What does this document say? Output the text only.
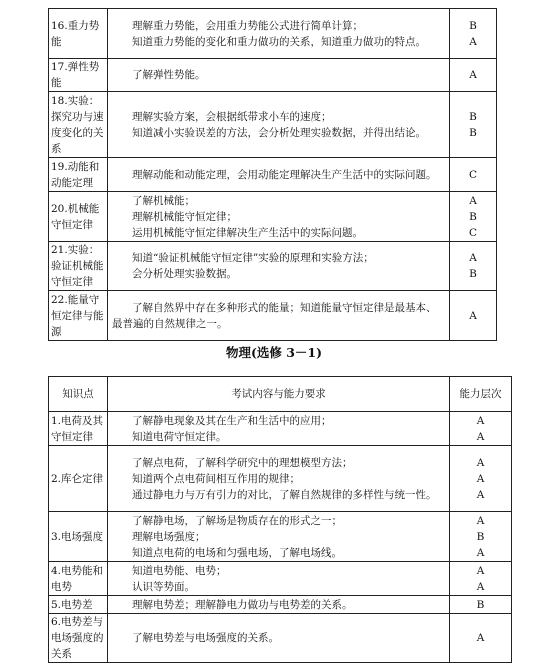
16.重力势能	理解重力势能，会用重力势能公式进行简单计算；
知道重力势能的变化和重力做功的关系，知道重力做功的特点。	B
A

17.弹性势能	了解弹性势能。	A

18.实验：探究功与速度变化的关系	理解实验方案，会根据纸带求小车的速度；
知道减小实验误差的方法，会分析处理实验数据，并得出结论。	B
B

19.动能和动能定理	理解动能和动能定理，会用动能定理解决生产生活中的实际问题。	C

20.机械能守恒定律	了解机械能；
理解机械能守恒定律；
运用机械能守恒定律解决生产生活中的实际问题。	A
B
C

21.实验：验证机械能守恒定律	知道“验证机械能守恒定律”实验的原理和实验方法；
会分析处理实验数据。	A
B

22.能量守恒定律与能源	了解自然界中存在多种形式的能量；知道能量守恒定律是最基本、最普遍的自然规律之一。	A
物理(选修 3－1)
知识点	考试内容与能力要求	能力层次
1.电荷及其守恒定律	了解静电现象及其在生产和生活中的应用；
知道电荷守恒定律。	A
A

2.库仑定律	了解点电荷，了解科学研究中的理想模型方法；
知道两个点电荷间相互作用的规律；
通过静电力与万有引力的对比，了解自然规律的多样性与统一性。	A
A
A

3.电场强度	了解静电场，了解场是物质存在的形式之一；
理解电场强度；
知道点电荷的电场和匀强电场，了解电场线。	A
B
A

4.电势能和电势	知道电势能、电势；
认识等势面。	A
A

5.电势差	理解电势差；理解静电力做功与电势差的关系。	B

6.电势差与电场强度的关系	了解电势差与电场强度的关系。	A
